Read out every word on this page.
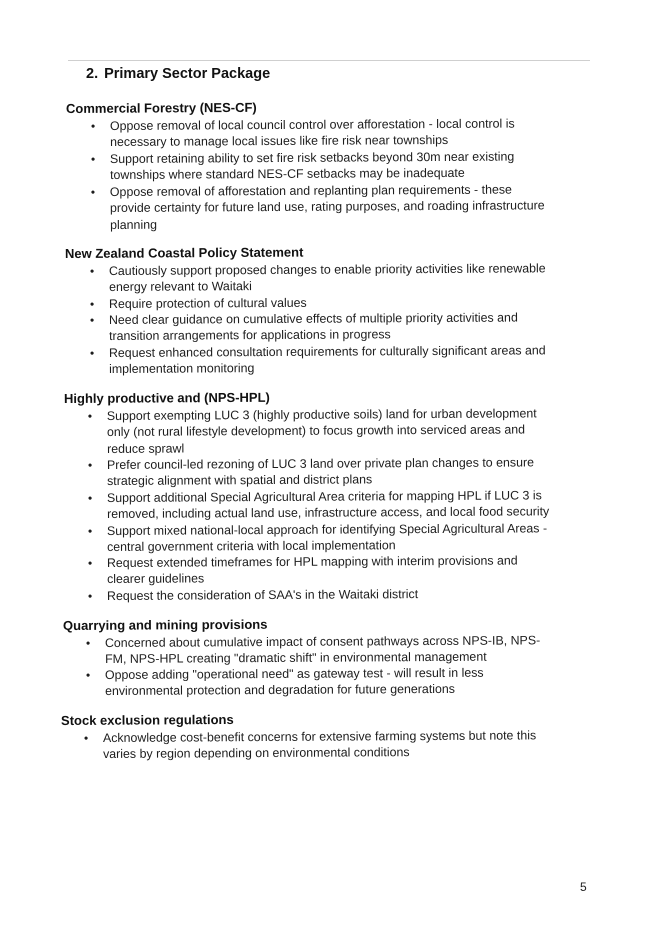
2. Primary Sector Package
Commercial Forestry (NES-CF)
• Oppose removal of local council control over afforestation - local control is
necessary to manage local issues like fire risk near townships
• Support retaining ability to set fire risk setbacks beyond 30m near existing
townships where standard NES-CF setbacks may be inadequate
• Oppose removal of afforestation and replanting plan requirements - these
provide certainty for future land use, rating purposes, and roading infrastructure
planning
New Zealand Coastal Policy Statement
• Cautiously support proposed changes to enable priority activities like renewable
energy relevant to Waitaki
• Require protection of cultural values
• Need clear guidance on cumulative effects of multiple priority activities and
transition arrangements for applications in progress
• Request enhanced consultation requirements for culturally significant areas and
implementation monitoring
Highly productive and (NPS-HPL)
• Support exempting LUC 3 (highly productive soils) land for urban development
only (not rural lifestyle development) to focus growth into serviced areas and
reduce sprawl
• Prefer council-led rezoning of LUC 3 land over private plan changes to ensure
strategic alignment with spatial and district plans
• Support additional Special Agricultural Area criteria for mapping HPL if LUC 3 is
removed, including actual land use, infrastructure access, and local food security
• Support mixed national-local approach for identifying Special Agricultural Areas -
central government criteria with local implementation
• Request extended timeframes for HPL mapping with interim provisions and
clearer guidelines
• Request the consideration of SAA's in the Waitaki district
Quarrying and mining provisions
• Concerned about cumulative impact of consent pathways across NPS-IB, NPS-
FM, NPS-HPL creating "dramatic shift" in environmental management
• Oppose adding "operational need" as gateway test - will result in less
environmental protection and degradation for future generations
Stock exclusion regulations
• Acknowledge cost-benefit concerns for extensive farming systems but note this
varies by region depending on environmental conditions
5
